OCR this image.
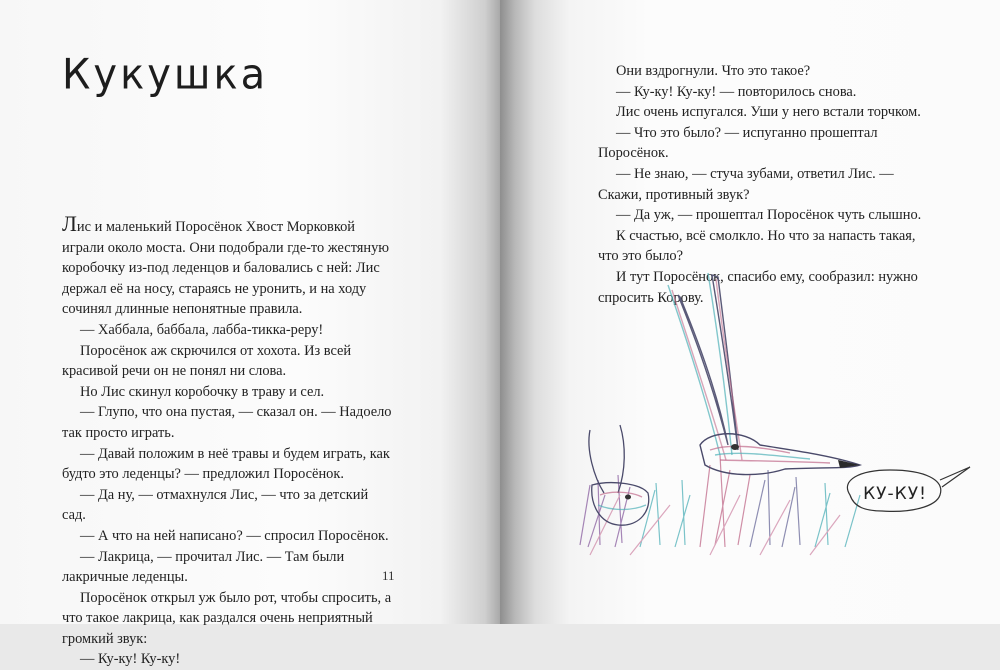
Кукушка

Лис и маленький Поросёнок Хвост Морковкой играли около моста. Они подобрали где-то жестяную коробочку из-под леденцов и баловались с ней: Лис держал её на носу, стараясь не уронить, и на ходу сочинял длинные непонятные правила.

— Хаббала, баббала, лабба-тикка-реру!

Поросёнок аж скрючился от хохота. Из всей красивой речи он не понял ни слова.

Но Лис скинул коробочку в траву и сел.

— Глупо, что она пустая, — сказал он. — Надоело так просто играть.

— Давай положим в неё травы и будем играть, как будто это леденцы? — предложил Поросёнок.

— Да ну, — отмахнулся Лис, — что за детский сад.

— А что на ней написано? — спросил Поросёнок.

— Лакрица, — прочитал Лис. — Там были лакричные леденцы.

Поросёнок открыл уж было рот, чтобы спросить, а что такое лакрица, как раздался очень неприятный громкий звук:

— Ку-ку! Ку-ку!

11

Они вздрогнули. Что это такое?

— Ку-ку! Ку-ку! — повторилось снова.

Лис очень испугался. Уши у него встали торчком.

— Что это было? — испуганно прошептал Поросёнок.

— Не знаю, — стуча зубами, ответил Лис. — Скажи, противный звук?

— Да уж, — прошептал Поросёнок чуть слышно.

К счастью, всё смолкло. Но что за напасть такая, что это было?

И тут Поросёнок, спасибо ему, сообразил: нужно спросить Корову.

КУ-КУ!
